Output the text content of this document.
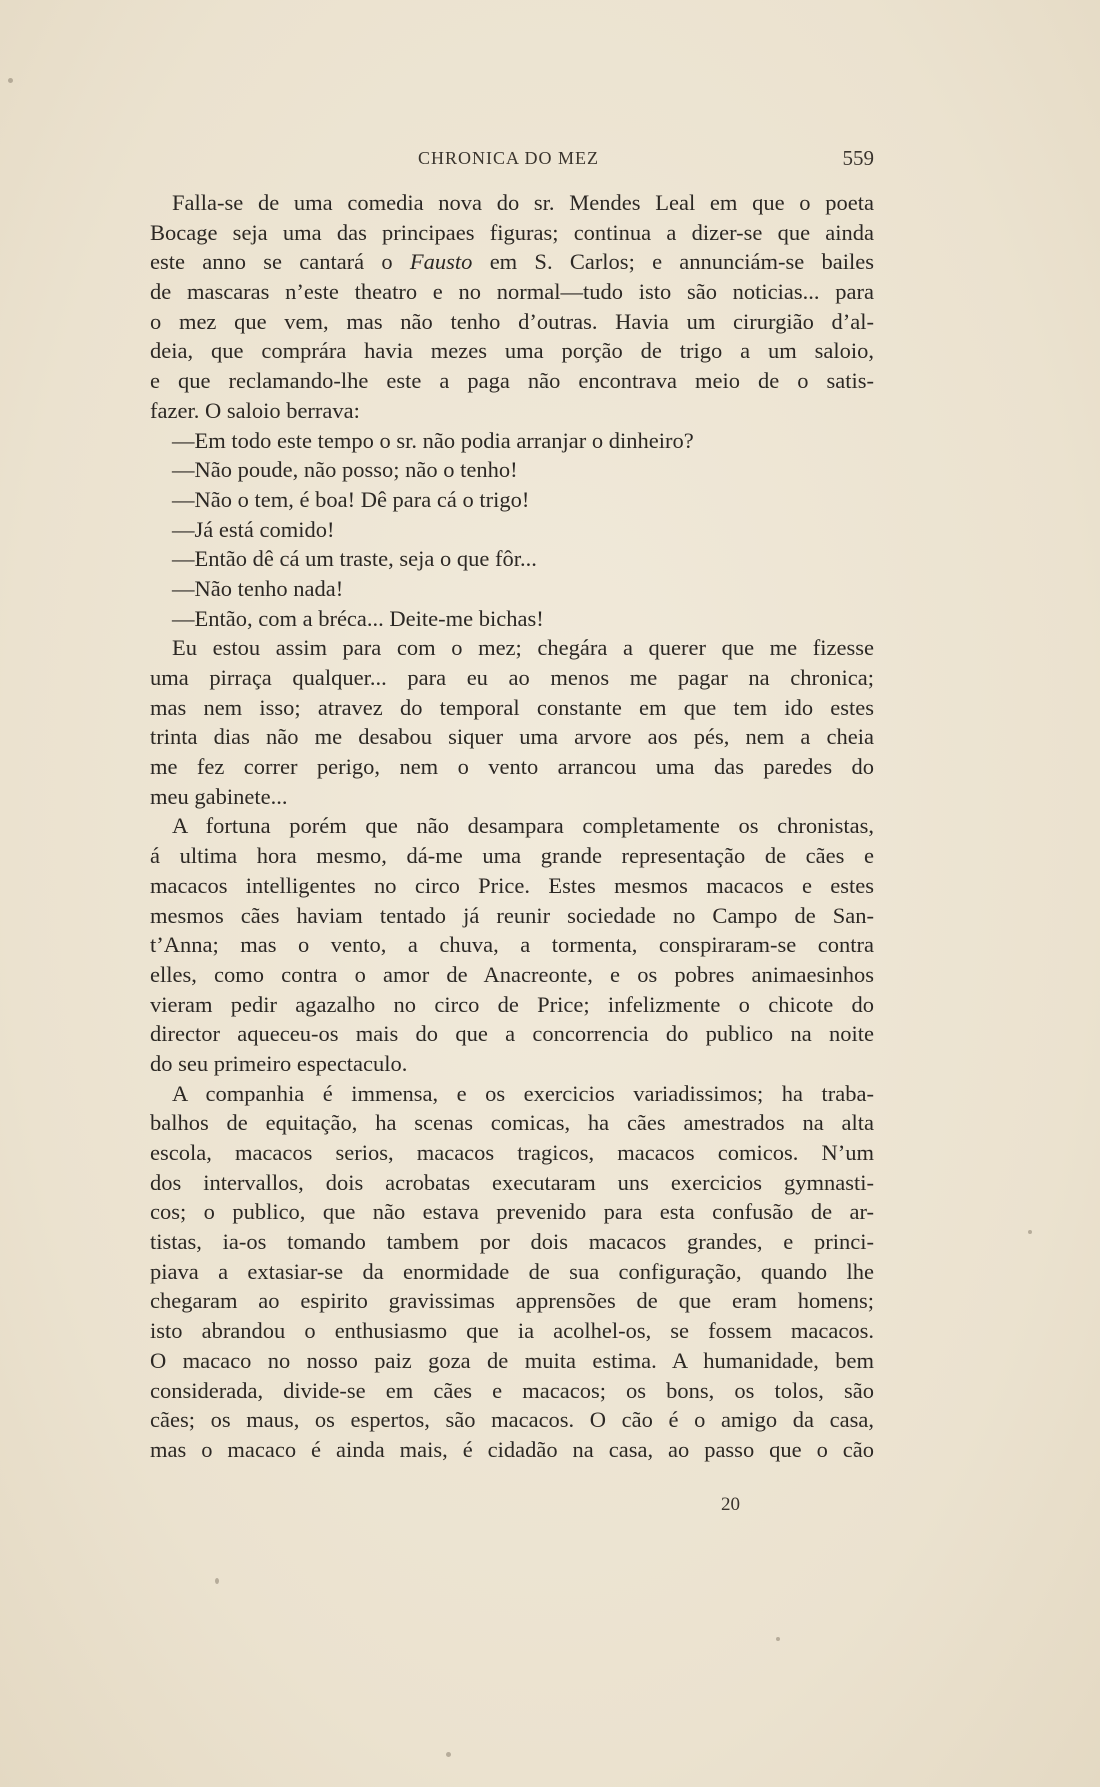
CHRONICA DO MEZ	559
Falla-se de uma comedia nova do sr. Mendes Leal em que o poeta
Bocage seja uma das principaes figuras; continua a dizer-se que ainda
este anno se cantará o Fausto em S. Carlos; e annunciám-se bailes
de mascaras n’este theatro e no normal—tudo isto são noticias... para
o mez que vem, mas não tenho d’outras. Havia um cirurgião d’al-
deia, que comprára havia mezes uma porção de trigo a um saloio,
e que reclamando-lhe este a paga não encontrava meio de o satis-
fazer. O saloio berrava:
—Em todo este tempo o sr. não podia arranjar o dinheiro?
—Não poude, não posso; não o tenho!
—Não o tem, é boa! Dê para cá o trigo!
—Já está comido!
—Então dê cá um traste, seja o que fôr...
—Não tenho nada!
—Então, com a bréca... Deite-me bichas!
Eu estou assim para com o mez; chegára a querer que me fizesse
uma pirraça qualquer... para eu ao menos me pagar na chronica;
mas nem isso; atravez do temporal constante em que tem ido estes
trinta dias não me desabou siquer uma arvore aos pés, nem a cheia
me fez correr perigo, nem o vento arrancou uma das paredes do
meu gabinete...
A fortuna porém que não desampara completamente os chronistas,
á ultima hora mesmo, dá-me uma grande representação de cães e
macacos intelligentes no circo Price. Estes mesmos macacos e estes
mesmos cães haviam tentado já reunir sociedade no Campo de San-
t’Anna; mas o vento, a chuva, a tormenta, conspiraram-se contra
elles, como contra o amor de Anacreonte, e os pobres animaesinhos
vieram pedir agazalho no circo de Price; infelizmente o chicote do
director aqueceu-os mais do que a concorrencia do publico na noite
do seu primeiro espectaculo.
A companhia é immensa, e os exercicios variadissimos; ha traba-
balhos de equitação, ha scenas comicas, ha cães amestrados na alta
escola, macacos serios, macacos tragicos, macacos comicos. N’um
dos intervallos, dois acrobatas executaram uns exercicios gymnasti-
cos; o publico, que não estava prevenido para esta confusão de ar-
tistas, ia-os tomando tambem por dois macacos grandes, e princi-
piava a extasiar-se da enormidade de sua configuração, quando lhe
chegaram ao espirito gravissimas apprensões de que eram homens;
isto abrandou o enthusiasmo que ia acolhel-os, se fossem macacos.
O macaco no nosso paiz goza de muita estima. A humanidade, bem
considerada, divide-se em cães e macacos; os bons, os tolos, são
cães; os maus, os espertos, são macacos. O cão é o amigo da casa,
mas o macaco é ainda mais, é cidadão na casa, ao passo que o cão
20
